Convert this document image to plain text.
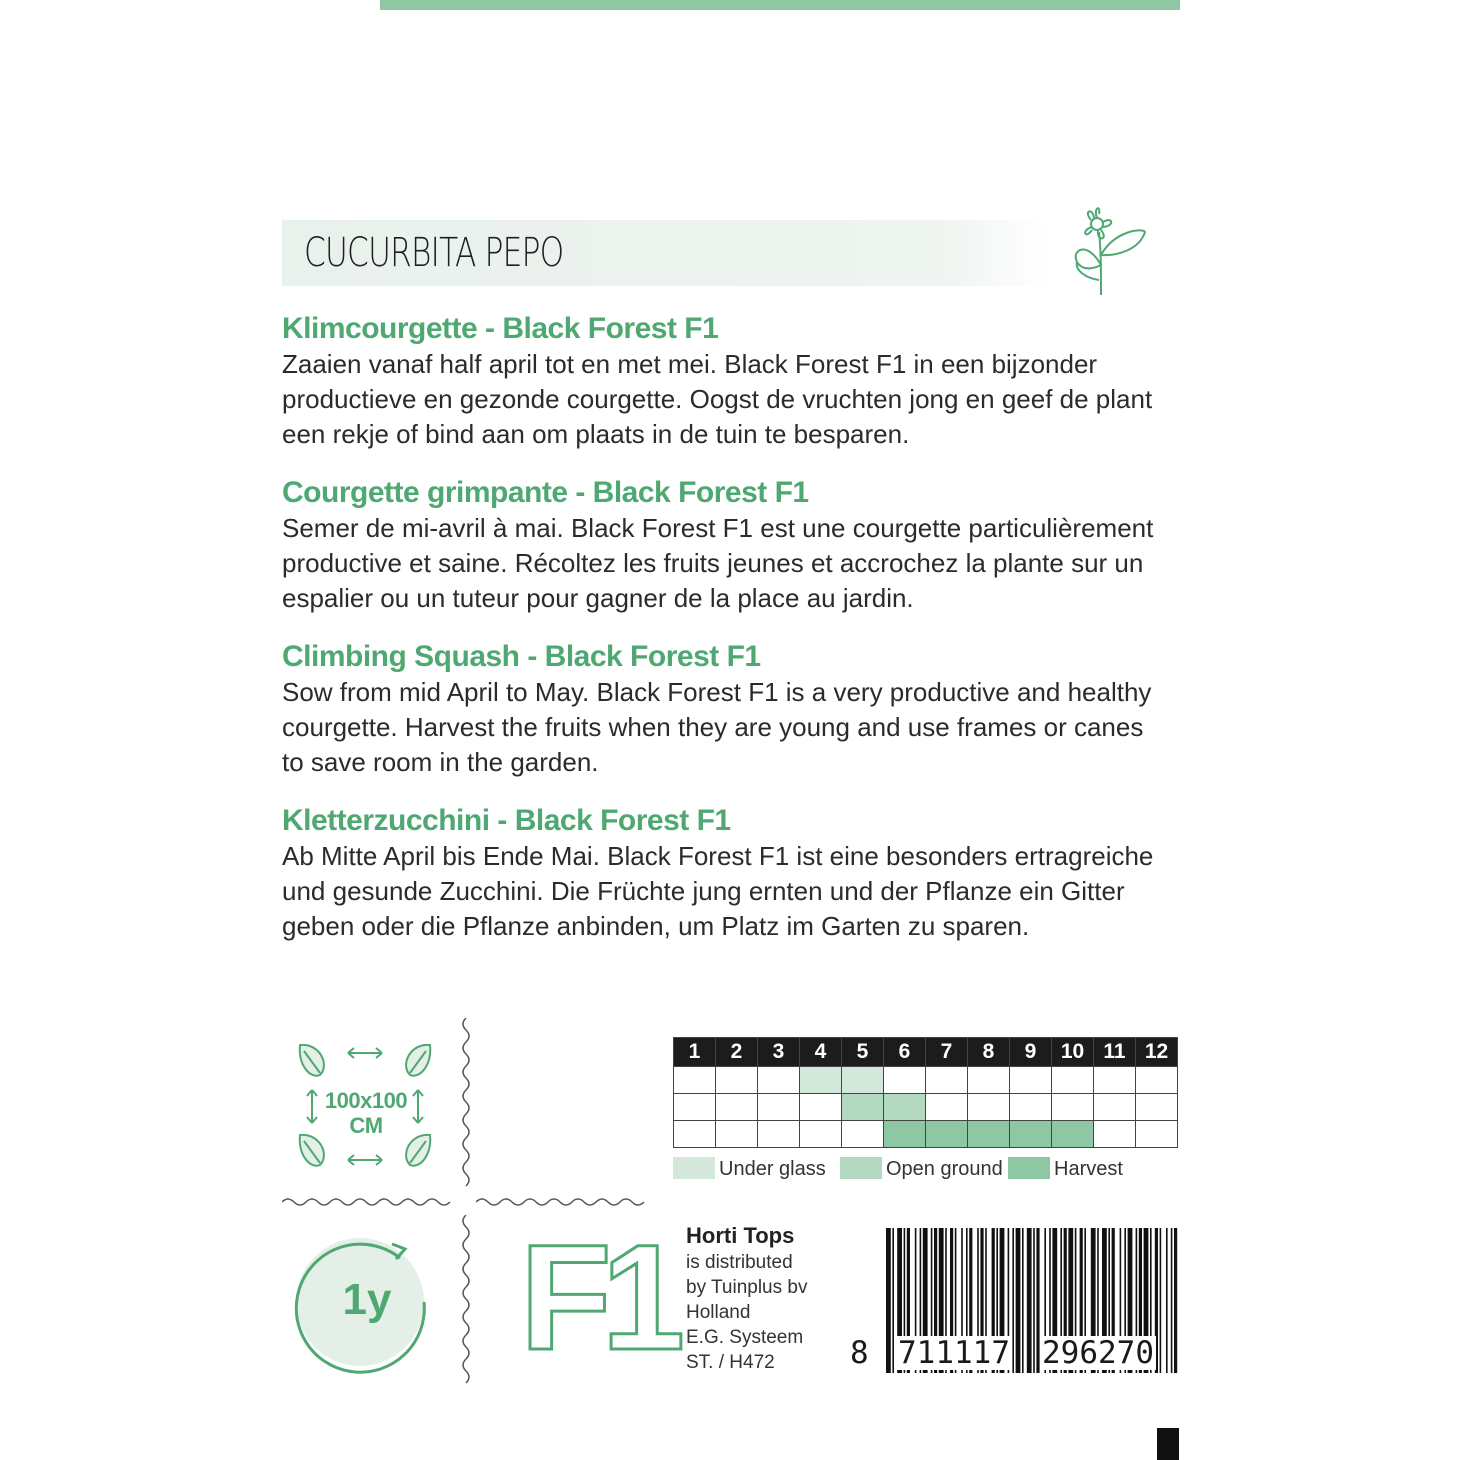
CUCURBITA PEPO
Klimcourgette - Black Forest F1

Zaaien vanaf half april tot en met mei. Black Forest F1 in een bijzonder
productieve en gezonde courgette. Oogst de vruchten jong en geef de plant
een rekje of bind aan om plaats in de tuin te besparen.

Courgette grimpante - Black Forest F1

Semer de mi-avril à mai. Black Forest F1 est une courgette particulièrement
productive et saine. Récoltez les fruits jeunes et accrochez la plante sur un
espalier ou un tuteur pour gagner de la place au jardin.

Climbing Squash - Black Forest F1

Sow from mid April to May. Black Forest F1 is a very productive and healthy
courgette. Harvest the fruits when they are young and use frames or canes
to save room in the garden.

Kletterzucchini - Black Forest F1

Ab Mitte April bis Ende Mai. Black Forest F1 ist eine besonders ertragreiche
und gesunde Zucchini. Die Früchte jung ernten und der Pflanze ein Gitter
geben oder die Pflanze anbinden, um Platz im Garten zu sparen.

100x100
CM
1y F1
1	2	3	4	5	6	7	8	9	10	11	12

Under glass	Open ground	Harvest
Horti Tops
is distributed
by Tuinplus bv
Holland
E.G. Systeem
ST. / H472	8 711117 296270
